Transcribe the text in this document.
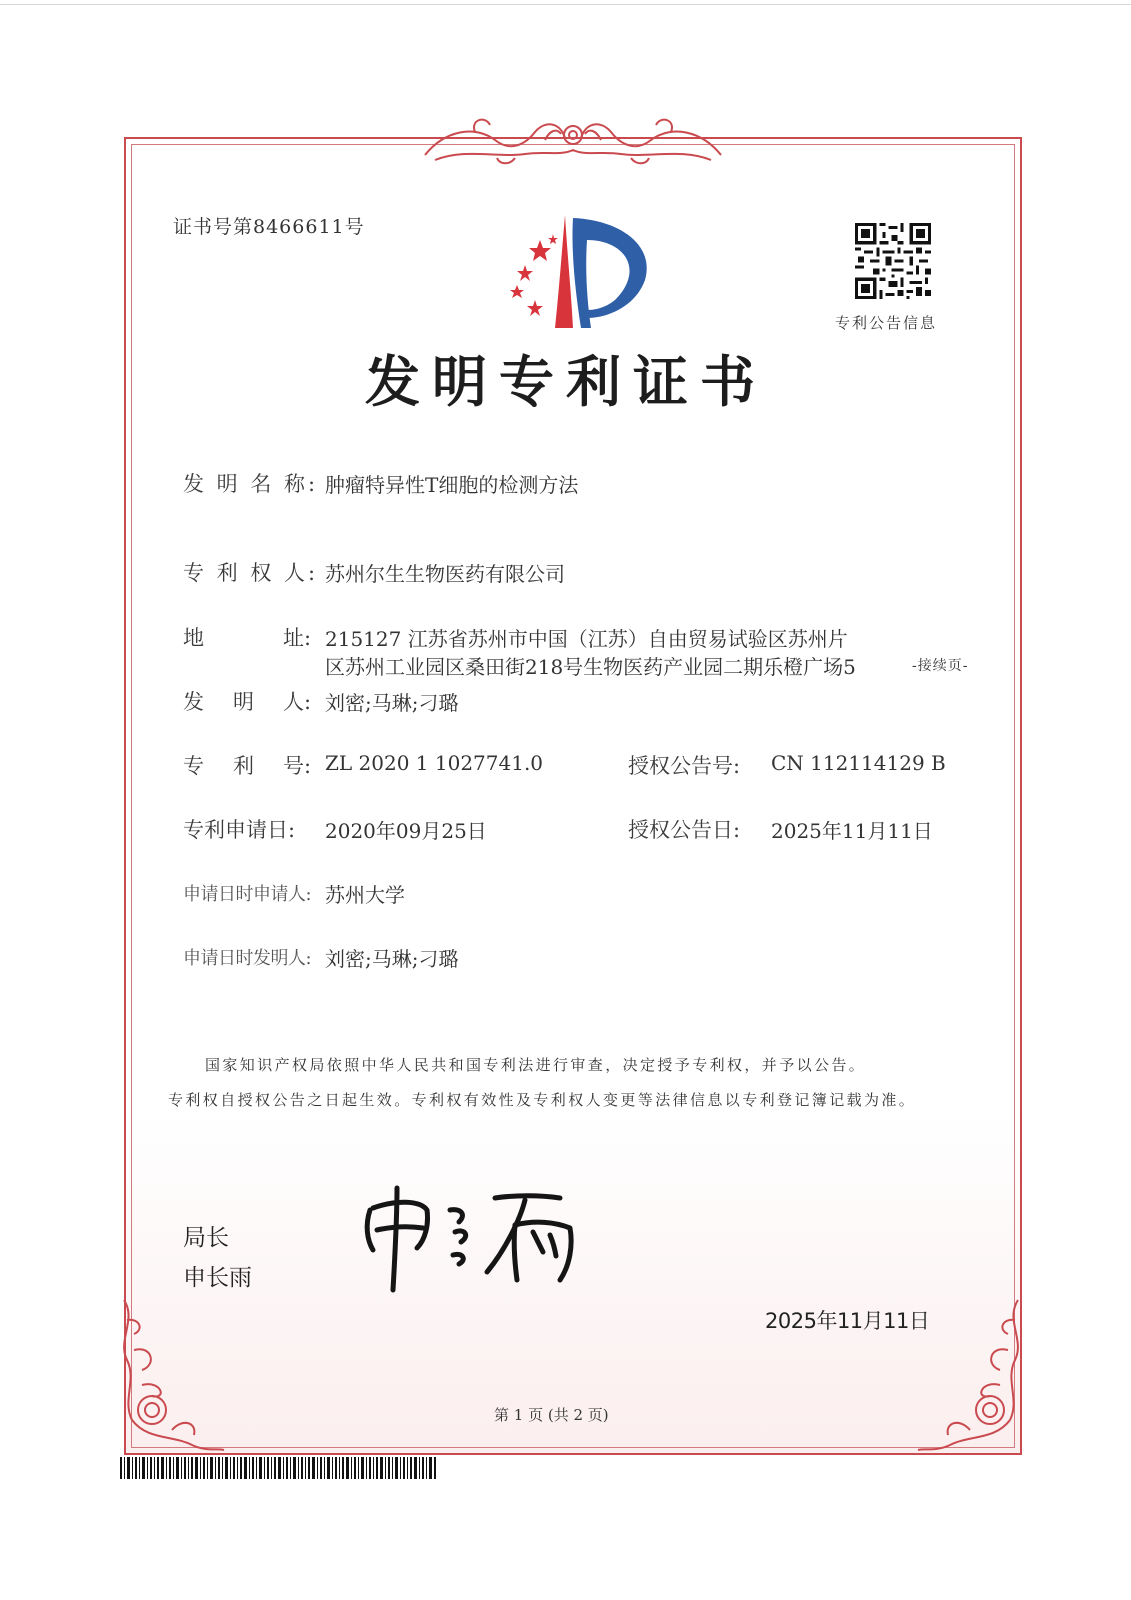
证书号第8466611号
专利公告信息
发明专利证书
发 明 名 称: 肿瘤特异性T细胞的检测方法
专 利 权 人: 苏州尔生生物医药有限公司
地	址: 215127 江苏省苏州市中国（江苏）自由贸易试验区苏州片
区苏州工业园区桑田街218号生物医药产业园二期乐橙广场5	-接续页-
发 明 人: 刘密;马琳;刁璐
专 利 号: ZL 2020 1 1027741.0	授权公告号: CN 112114129 B
专利申请日: 2020年09月25日	授权公告日: 2025年11月11日
申请日时申请人: 苏州大学
申请日时发明人: 刘密;马琳;刁璐
国家知识产权局依照中华人民共和国专利法进行审查，决定授予专利权，并予以公告。
专利权自授权公告之日起生效。专利权有效性及专利权人变更等法律信息以专利登记簿记载为准。
局长
申长雨
2025年11月11日
第 1 页 (共 2 页)
